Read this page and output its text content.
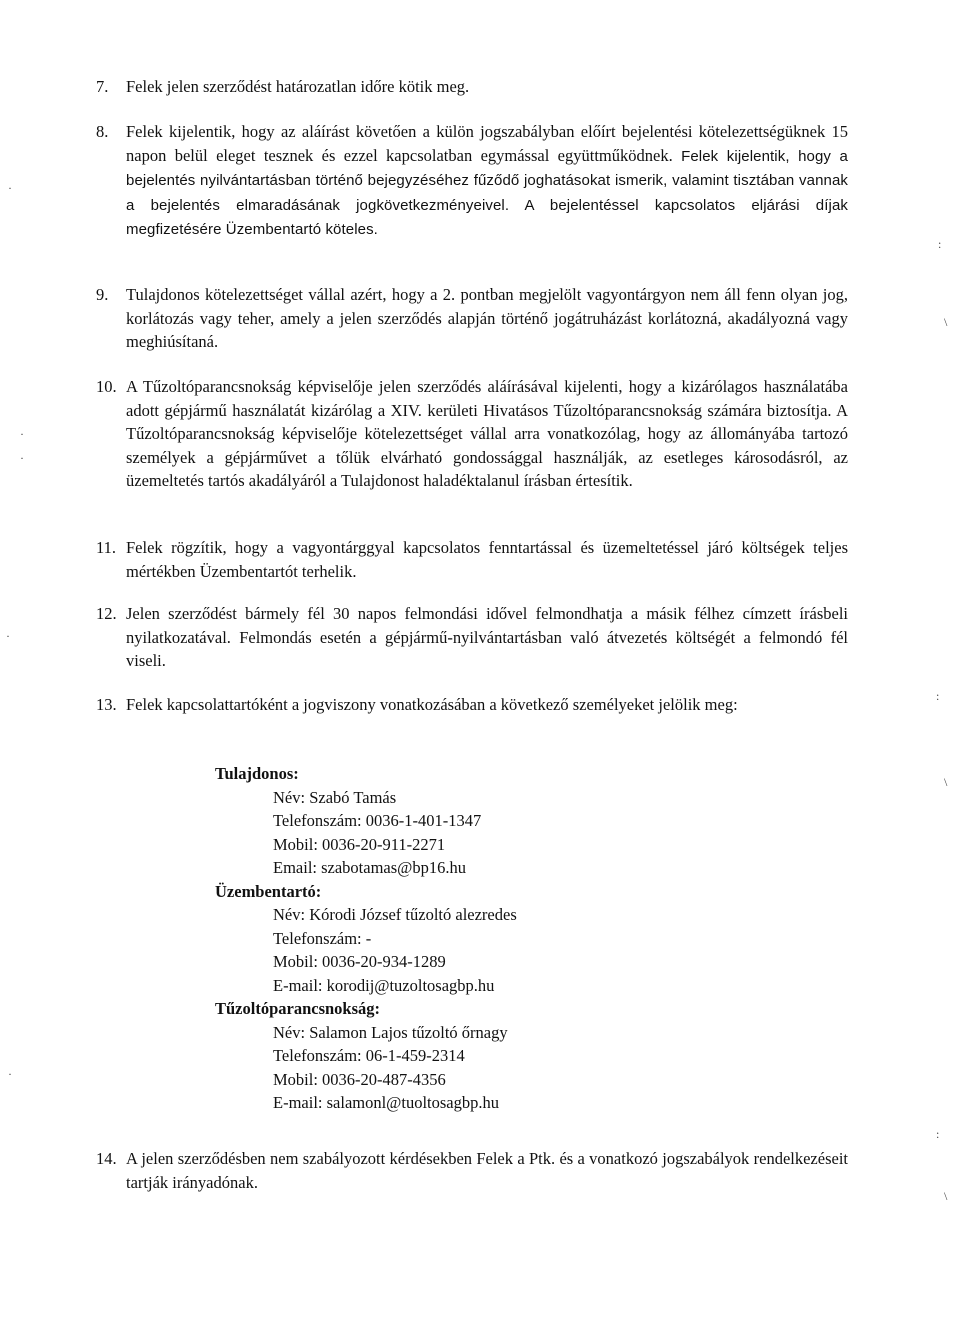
7.	Felek jelen szerződést határozatlan időre kötik meg.
8.	Felek kijelentik, hogy az aláírást követően a külön jogszabályban előírt bejelentési kötelezettségüknek 15 napon belül eleget tesznek és ezzel kapcsolatban egymással együttműködnek. Felek kijelentik, hogy a bejelentés nyilvántartásban történő bejegyzéséhez fűződő joghatásokat ismerik, valamint tisztában vannak a bejelentés elmaradásának jogkövetkezményeivel. A bejelentéssel kapcsolatos eljárási díjak megfizetésére Üzembentartó köteles.
9.	Tulajdonos kötelezettséget vállal azért, hogy a 2. pontban megjelölt vagyontárgyon nem áll fenn olyan jog, korlátozás vagy teher, amely a jelen szerződés alapján történő jogátruházást korlátozná, akadályozná vagy meghiúsítaná.
10. A Tűzoltóparancsnokság képviselője jelen szerződés aláírásával kijelenti, hogy a kizárólagos használatába adott gépjármű használatát kizárólag a XIV. kerületi Hivatásos Tűzoltóparancsnokság számára biztosítja. A Tűzoltóparancsnokság képviselője kötelezettséget vállal arra vonatkozólag, hogy az állományába tartozó személyek a gépjárművet a tőlük elvárható gondossággal használják, az esetleges károsodásról, az üzemeltetés tartós akadályáról a Tulajdonost haladéktalanul írásban értesítik.
11. Felek rögzítik, hogy a vagyontárggyal kapcsolatos fenntartással és üzemeltetéssel járó költségek teljes mértékben Üzembentartót terhelik.
12. Jelen szerződést bármely fél 30 napos felmondási idővel felmondhatja a másik félhez címzett írásbeli nyilatkozatával. Felmondás esetén a gépjármű-nyilvántartásban való átvezetés költségét a felmondó fél viseli.
13. Felek kapcsolattartóként a jogviszony vonatkozásában a következő személyeket jelölik meg:
Tulajdonos:
Név: Szabó Tamás
Telefonszám: 0036-1-401-1347
Mobil: 0036-20-911-2271
Email: szabotamas@bp16.hu
Üzembentartó:
Név: Kórodi József tűzoltó alezredes
Telefonszám: -
Mobil: 0036-20-934-1289
E-mail: korodij@tuzoltosagbp.hu
Tűzoltóparancsnokság:
Név: Salamon Lajos tűzoltó őrnagy
Telefonszám: 06-1-459-2314
Mobil: 0036-20-487-4356
E-mail: salamonl@tuoltosagbp.hu
14. A jelen szerződésben nem szabályozott kérdésekben Felek a Ptk. és a vonatkozó jogszabályok rendelkezéseit tartják irányadónak.
·
·
·
·
·
:
\
:
\
:
\
